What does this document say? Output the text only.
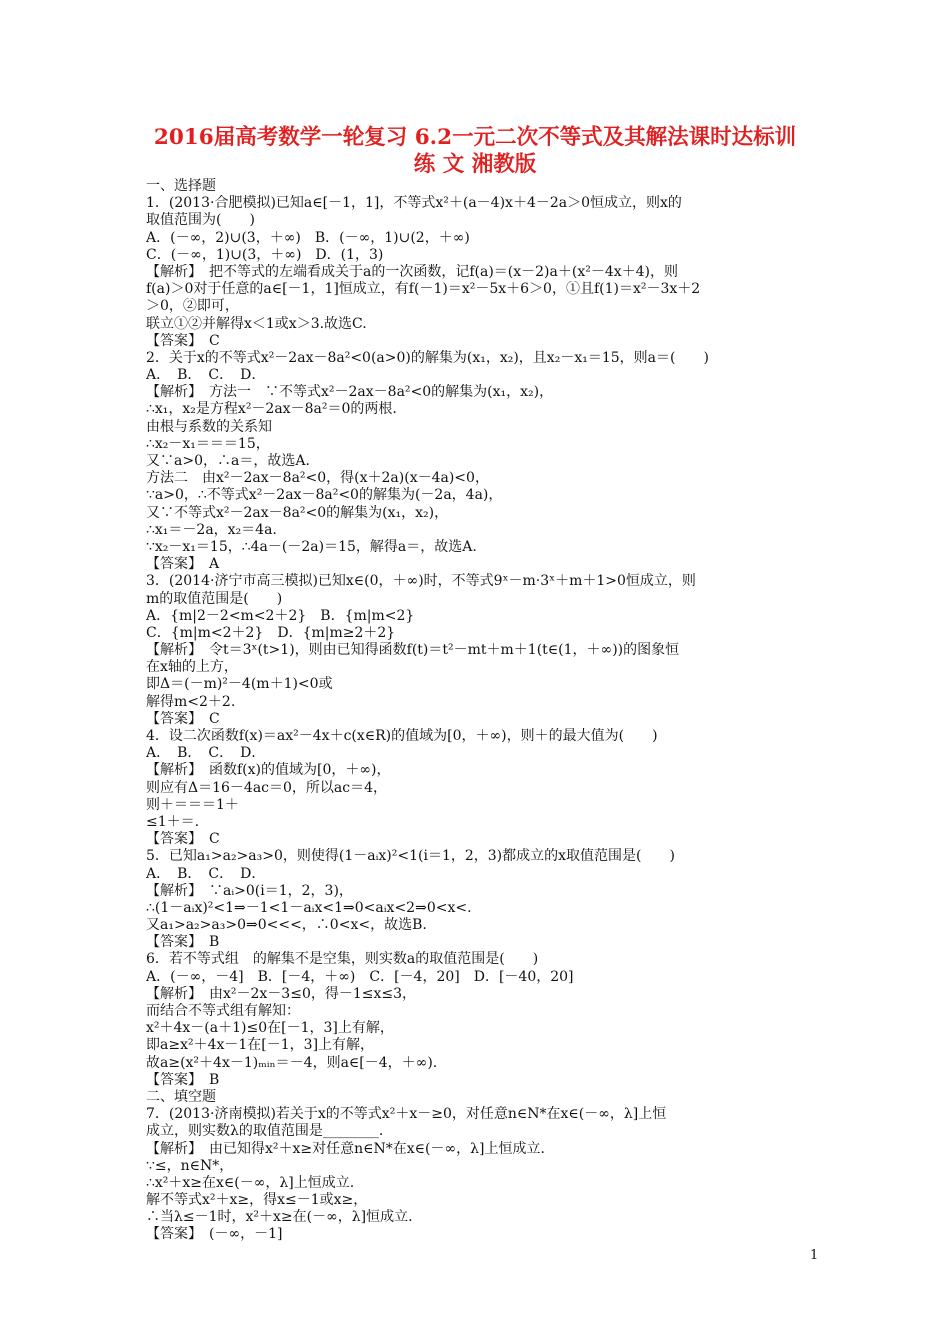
2016届高考数学一轮复习 6.2一元二次不等式及其解法课时达标训
练 文 湘教版
一、选择题
1．(2013·合肥模拟)已知a∈[－1，1]，不等式x²＋(a－4)x＋4－2a＞0恒成立，则x的
取值范围为(　　)
A．(－∞，2)∪(3，＋∞)　B．(－∞，1)∪(2，＋∞)
C．(－∞，1)∪(3，＋∞)　D．(1，3)
【解析】　把不等式的左端看成关于a的一次函数，记f(a)＝(x－2)a＋(x²－4x＋4)，则
f(a)＞0对于任意的a∈[－1，1]恒成立，有f(－1)＝x²－5x＋6＞0，①且f(1)＝x²－3x＋2
＞0，②即可，
联立①②并解得x＜1或x＞3.故选C.
【答案】　C
2．关于x的不等式x²－2ax－8a²<0(a>0)的解集为(x₁，x₂)，且x₂－x₁＝15，则a＝(　　)
A．　B．　C．　D．
【解析】　方法一　∵不等式x²－2ax－8a²<0的解集为(x₁，x₂)，
∴x₁，x₂是方程x²－2ax－8a²＝0的两根.
由根与系数的关系知
∴x₂－x₁＝＝＝15，
又∵a>0，∴a＝，故选A.
方法二　由x²－2ax－8a²<0，得(x＋2a)(x－4a)<0，
∵a>0，∴不等式x²－2ax－8a²<0的解集为(－2a，4a)，
又∵不等式x²－2ax－8a²<0的解集为(x₁，x₂)，
∴x₁＝－2a，x₂＝4a.
∵x₂－x₁＝15，∴4a－(－2a)＝15，解得a＝，故选A.
【答案】　A
3．(2014·济宁市高三模拟)已知x∈(0，＋∞)时，不等式9ˣ－m·3ˣ＋m＋1>0恒成立，则
m的取值范围是(　　)
A．{m|2－2<m<2＋2}　B．{m|m<2}
C．{m|m<2＋2}　D．{m|m≥2＋2}
【解析】　令t＝3ˣ(t>1)，则由已知得函数f(t)＝t²－mt＋m＋1(t∈(1，＋∞))的图象恒
在x轴的上方，
即Δ＝(－m)²－4(m＋1)<0或
解得m<2＋2.
【答案】　C
4．设二次函数f(x)＝ax²－4x＋c(x∈R)的值域为[0，＋∞)，则＋的最大值为(　　)
A．　B．　C．　D．
【解析】　函数f(x)的值域为[0，＋∞)，
则应有Δ＝16－4ac＝0，所以ac＝4，
则＋＝＝＝1＋
≤1＋＝.
【答案】　C
5．已知a₁>a₂>a₃>0，则使得(1－aᵢx)²<1(i＝1，2，3)都成立的x取值范围是(　　)
A．　B．　C．　D．
【解析】　∵aᵢ>0(i＝1，2，3)，
∴(1－aᵢx)²<1⇒－1<1－aᵢx<1⇒0<aᵢx<2⇒0<x<.
又a₁>a₂>a₃>0⇒0<<<，∴0<x<，故选B.
【答案】　B
6．若不等式组　的解集不是空集，则实数a的取值范围是(　　)
A．(－∞，－4]　B．[－4，＋∞)　C．[－4，20]　D．[－40，20]
【解析】　由x²－2x－3≤0，得－1≤x≤3，
而结合不等式组有解知：
x²＋4x－(a＋1)≤0在[－1，3]上有解，
即a≥x²＋4x－1在[－1，3]上有解，
故a≥(x²＋4x－1)ₘᵢₙ＝－4，则a∈[－4，＋∞).
【答案】　B
二、填空题
7．(2013·济南模拟)若关于x的不等式x²＋x－≥0，对任意n∈N*在x∈(－∞，λ]上恒
成立，则实数λ的取值范围是________.
【解析】　由已知得x²＋x≥对任意n∈N*在x∈(－∞，λ]上恒成立.
∵≤，n∈N*，
∴x²＋x≥在x∈(－∞，λ]上恒成立.
解不等式x²＋x≥，得x≤－1或x≥，
∴当λ≤－1时，x²＋x≥在(－∞，λ]恒成立.
【答案】　(－∞，－1]
1
